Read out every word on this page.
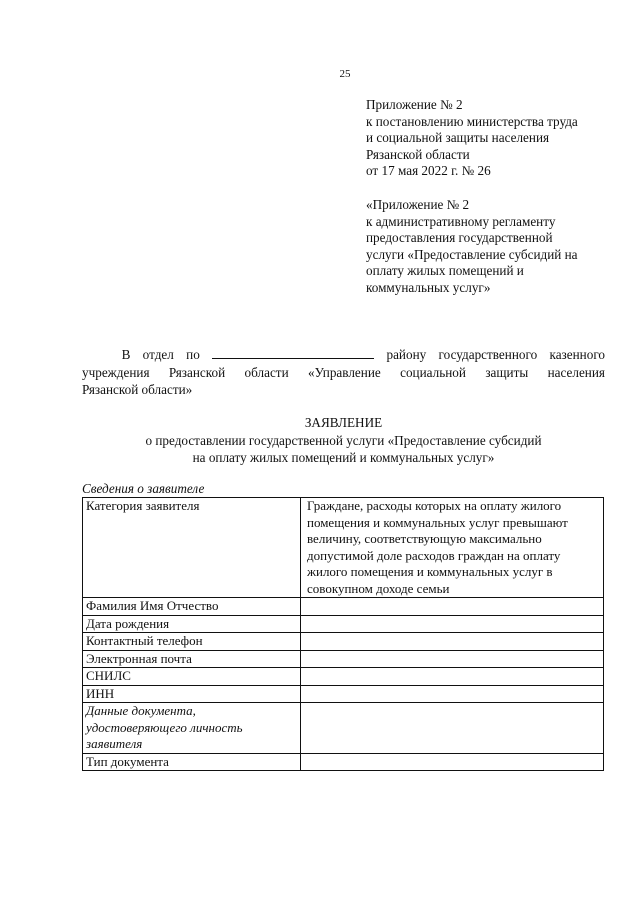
25
Приложение № 2
к постановлению министерства труда
и социальной защиты населения
Рязанской области
от 17 мая 2022 г. № 26
«Приложение № 2
к административному регламенту
предоставления государственной
услуги «Предоставление субсидий на
оплату жилых помещений и
коммунальных услуг»
   В отдел по	району государственного казенного
учреждения Рязанской области «Управление социальной защиты населения
Рязанской области»
ЗАЯВЛЕНИЕ
о предоставлении государственной услуги «Предоставление субсидий
на оплату жилых помещений и коммунальных услуг»
Сведения о заявителе
Категория заявителя	Граждане, расходы которых на оплату жилого помещения и коммунальных услуг превышают величину, соответствующую максимально допустимой доле расходов граждан на оплату жилого помещения и коммунальных услуг в совокупном доходе семьи
Фамилия Имя Отчество	
Дата рождения	
Контактный телефон	
Электронная почта	
СНИЛС	
ИНН	
Данные документа, удостоверяющего личность заявителя	
Тип документа	
